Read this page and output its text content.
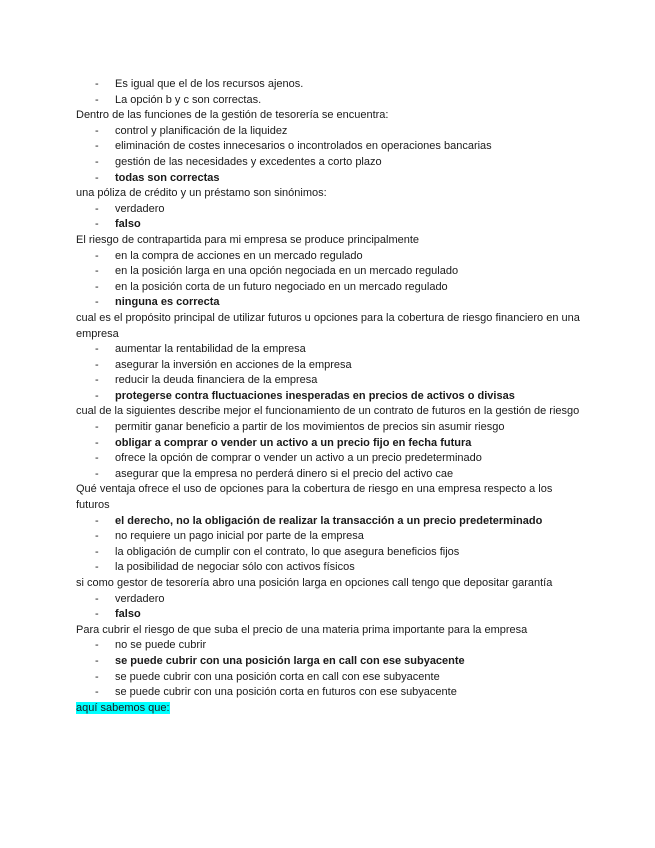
- Es igual que el de los recursos ajenos.
- La opción b y c son correctas.
Dentro de las funciones de la gestión de tesorería se encuentra:
- control y planificación de la liquidez
- eliminación de costes innecesarios o incontrolados en operaciones bancarias
- gestión de las necesidades y excedentes a corto plazo
- todas son correctas
una póliza de crédito y un préstamo son sinónimos:
- verdadero
- falso
El riesgo de contrapartida para mi empresa se produce principalmente
- en la compra de acciones en un mercado regulado
- en la posición larga en una opción negociada en un mercado regulado
- en la posición corta de un futuro negociado en un mercado regulado
- ninguna es correcta
cual es el propósito principal de utilizar futuros u opciones para la cobertura de riesgo financiero en una empresa
- aumentar la rentabilidad de la empresa
- asegurar la inversión en acciones de la empresa
- reducir la deuda financiera de la empresa
- protegerse contra fluctuaciones inesperadas en precios de activos o divisas
cual de la siguientes describe mejor el funcionamiento de un contrato de futuros en la gestión de riesgo
- permitir ganar beneficio a partir de los movimientos de precios sin asumir riesgo
- obligar a comprar o vender un activo a un precio fijo en fecha futura
- ofrece la opción de comprar o vender un activo a un precio predeterminado
- asegurar que la empresa no perderá dinero si el precio del activo cae
Qué ventaja ofrece el uso de opciones para la cobertura de riesgo en una empresa respecto a los futuros
- el derecho, no la obligación de realizar la transacción a un precio predeterminado
- no requiere un pago inicial por parte de la empresa
- la obligación de cumplir con el contrato, lo que asegura beneficios fijos
- la posibilidad de negociar sólo con activos físicos
si como gestor de tesorería abro una posición larga en opciones call tengo que depositar garantía
- verdadero
- falso
Para cubrir el riesgo de que suba el precio de una materia prima importante para la empresa
- no se puede cubrir
- se puede cubrir con una posición larga en call con ese subyacente
- se puede cubrir con una posición corta en call con ese subyacente
- se puede cubrir con una posición corta en futuros con ese subyacente
aquí sabemos que:
